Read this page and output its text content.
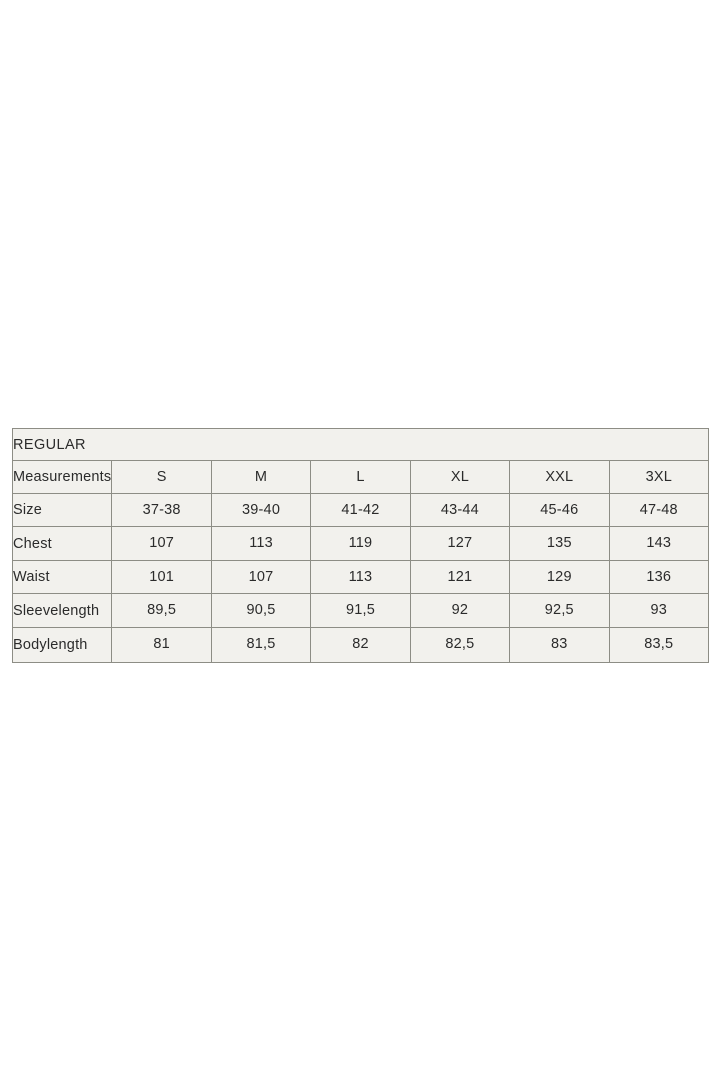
REGULAR						
Measurements	S	M	L	XL	XXL	3XL
Size	37-38	39-40	41-42	43-44	45-46	47-48
Chest	107	113	119	127	135	143
Waist	101	107	113	121	129	136
Sleevelength	89,5	90,5	91,5	92	92,5	93
Bodylength	81	81,5	82	82,5	83	83,5
